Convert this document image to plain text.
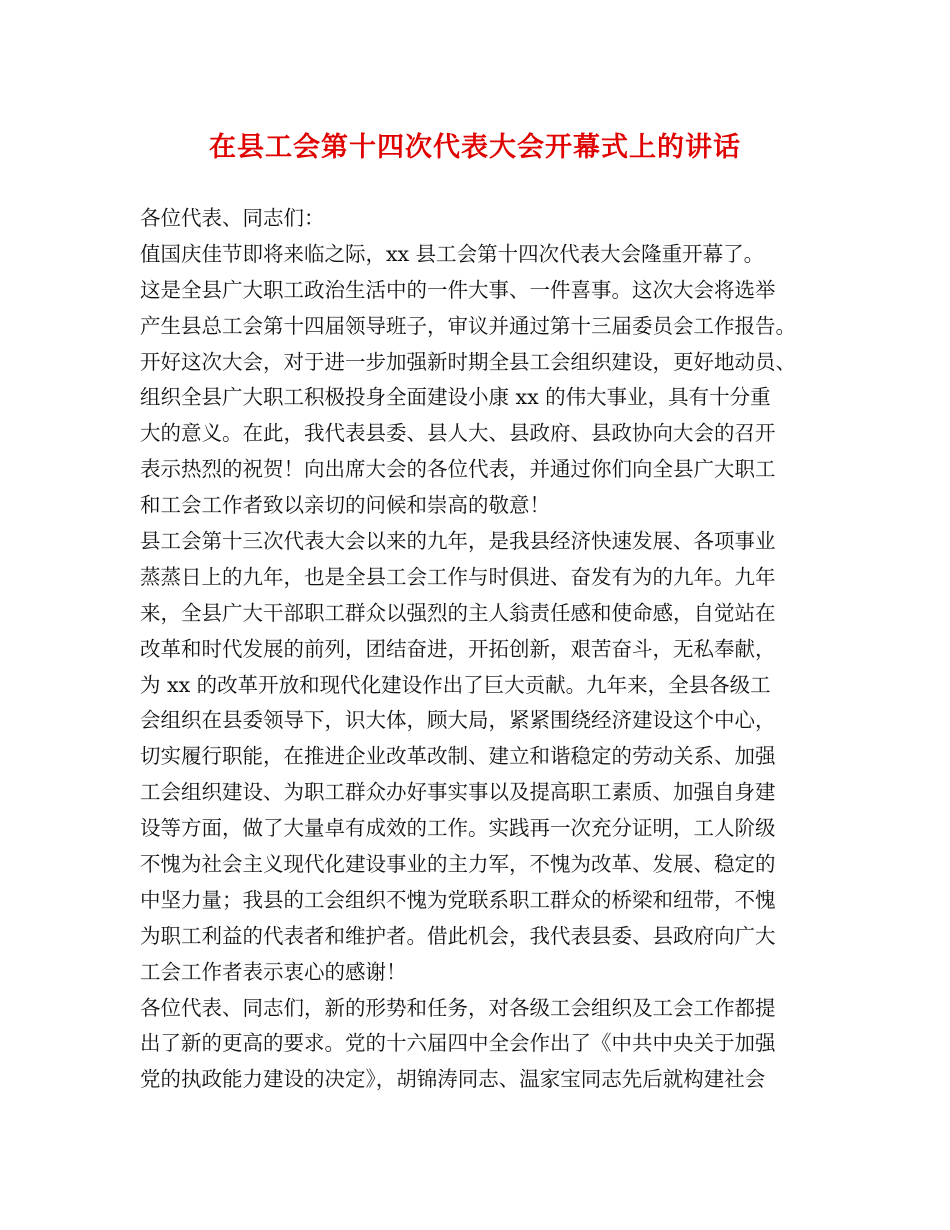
在县工会第十四次代表大会开幕式上的讲话
各位代表、同志们：
值国庆佳节即将来临之际，xx 县工会第十四次代表大会隆重开幕了。
这是全县广大职工政治生活中的一件大事、一件喜事。这次大会将选举
产生县总工会第十四届领导班子，审议并通过第十三届委员会工作报告。
开好这次大会，对于进一步加强新时期全县工会组织建设，更好地动员、
组织全县广大职工积极投身全面建设小康 xx 的伟大事业，具有十分重
大的意义。在此，我代表县委、县人大、县政府、县政协向大会的召开
表示热烈的祝贺！向出席大会的各位代表，并通过你们向全县广大职工
和工会工作者致以亲切的问候和崇高的敬意！
县工会第十三次代表大会以来的九年，是我县经济快速发展、各项事业
蒸蒸日上的九年，也是全县工会工作与时俱进、奋发有为的九年。九年
来，全县广大干部职工群众以强烈的主人翁责任感和使命感，自觉站在
改革和时代发展的前列，团结奋进，开拓创新，艰苦奋斗，无私奉献，
为 xx 的改革开放和现代化建设作出了巨大贡献。九年来，全县各级工
会组织在县委领导下，识大体，顾大局，紧紧围绕经济建设这个中心，
切实履行职能，在推进企业改革改制、建立和谐稳定的劳动关系、加强
工会组织建设、为职工群众办好事实事以及提高职工素质、加强自身建
设等方面，做了大量卓有成效的工作。实践再一次充分证明，工人阶级
不愧为社会主义现代化建设事业的主力军，不愧为改革、发展、稳定的
中坚力量；我县的工会组织不愧为党联系职工群众的桥梁和纽带，不愧
为职工利益的代表者和维护者。借此机会，我代表县委、县政府向广大
工会工作者表示衷心的感谢！
各位代表、同志们，新的形势和任务，对各级工会组织及工会工作都提
出了新的更高的要求。党的十六届四中全会作出了《中共中央关于加强
党的执政能力建设的决定》，胡锦涛同志、温家宝同志先后就构建社会
